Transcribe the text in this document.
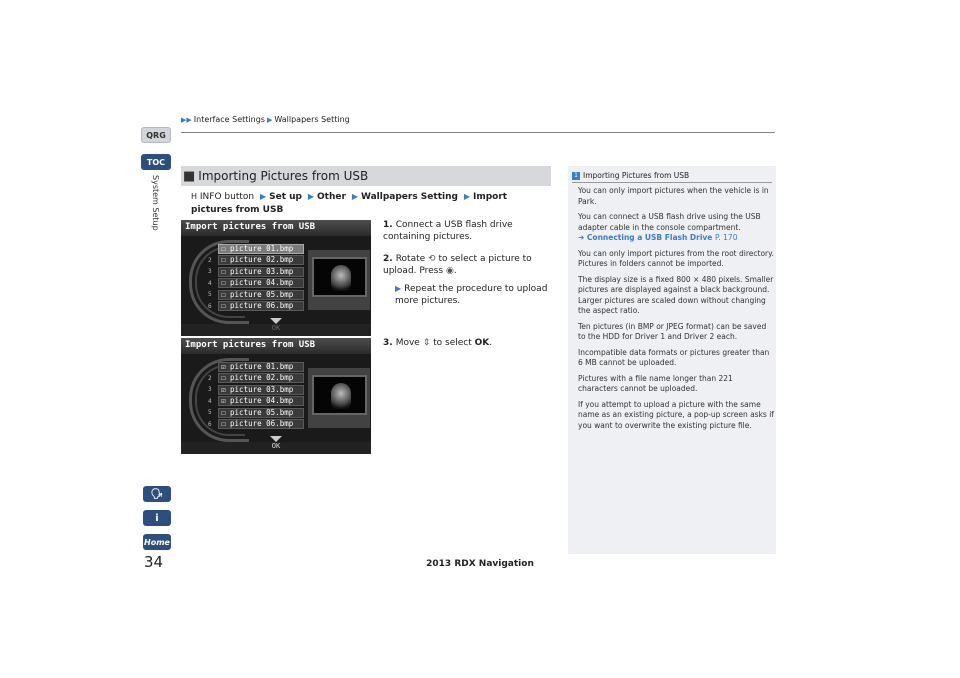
▶▶ Interface Settings ▶ Wallpapers Setting
QRG
TOC
System Setup
🗣
i
Home
34
■ Importing Pictures from USB
H INFO button ▶ Set up ▶ Other ▶ Wallpapers Setting ▶ Import pictures from USB
Import pictures from USB
☐ picture 01.bmp
2	☐ picture 02.bmp
3	☐ picture 03.bmp
4	☐ picture 04.bmp
5	☐ picture 05.bmp
6	☐ picture 06.bmp
OK
Import pictures from USB
☑ picture 01.bmp
2	☐ picture 02.bmp
3	☑ picture 03.bmp
4	☑ picture 04.bmp
5	☐ picture 05.bmp
6	☐ picture 06.bmp
OK
1. Connect a USB flash drive containing pictures.
2. Rotate ⟲ to select a picture to upload. Press ◉.
▶ Repeat the procedure to upload more pictures.
3. Move ⇕ to select OK.
1 Importing Pictures from USB

You can only import pictures when the vehicle is in Park.

You can connect a USB flash drive using the USB adapter cable in the console compartment.
➔ Connecting a USB Flash Drive P. 170

You can only import pictures from the root directory. Pictures in folders cannot be imported.

The display size is a fixed 800 × 480 pixels. Smaller pictures are displayed against a black background. Larger pictures are scaled down without changing the aspect ratio.

Ten pictures (in BMP or JPEG format) can be saved to the HDD for Driver 1 and Driver 2 each.

Incompatible data formats or pictures greater than 6 MB cannot be uploaded.

Pictures with a file name longer than 221 characters cannot be uploaded.

If you attempt to upload a picture with the same name as an existing picture, a pop-up screen asks if you want to overwrite the existing picture file.

2013 RDX Navigation
